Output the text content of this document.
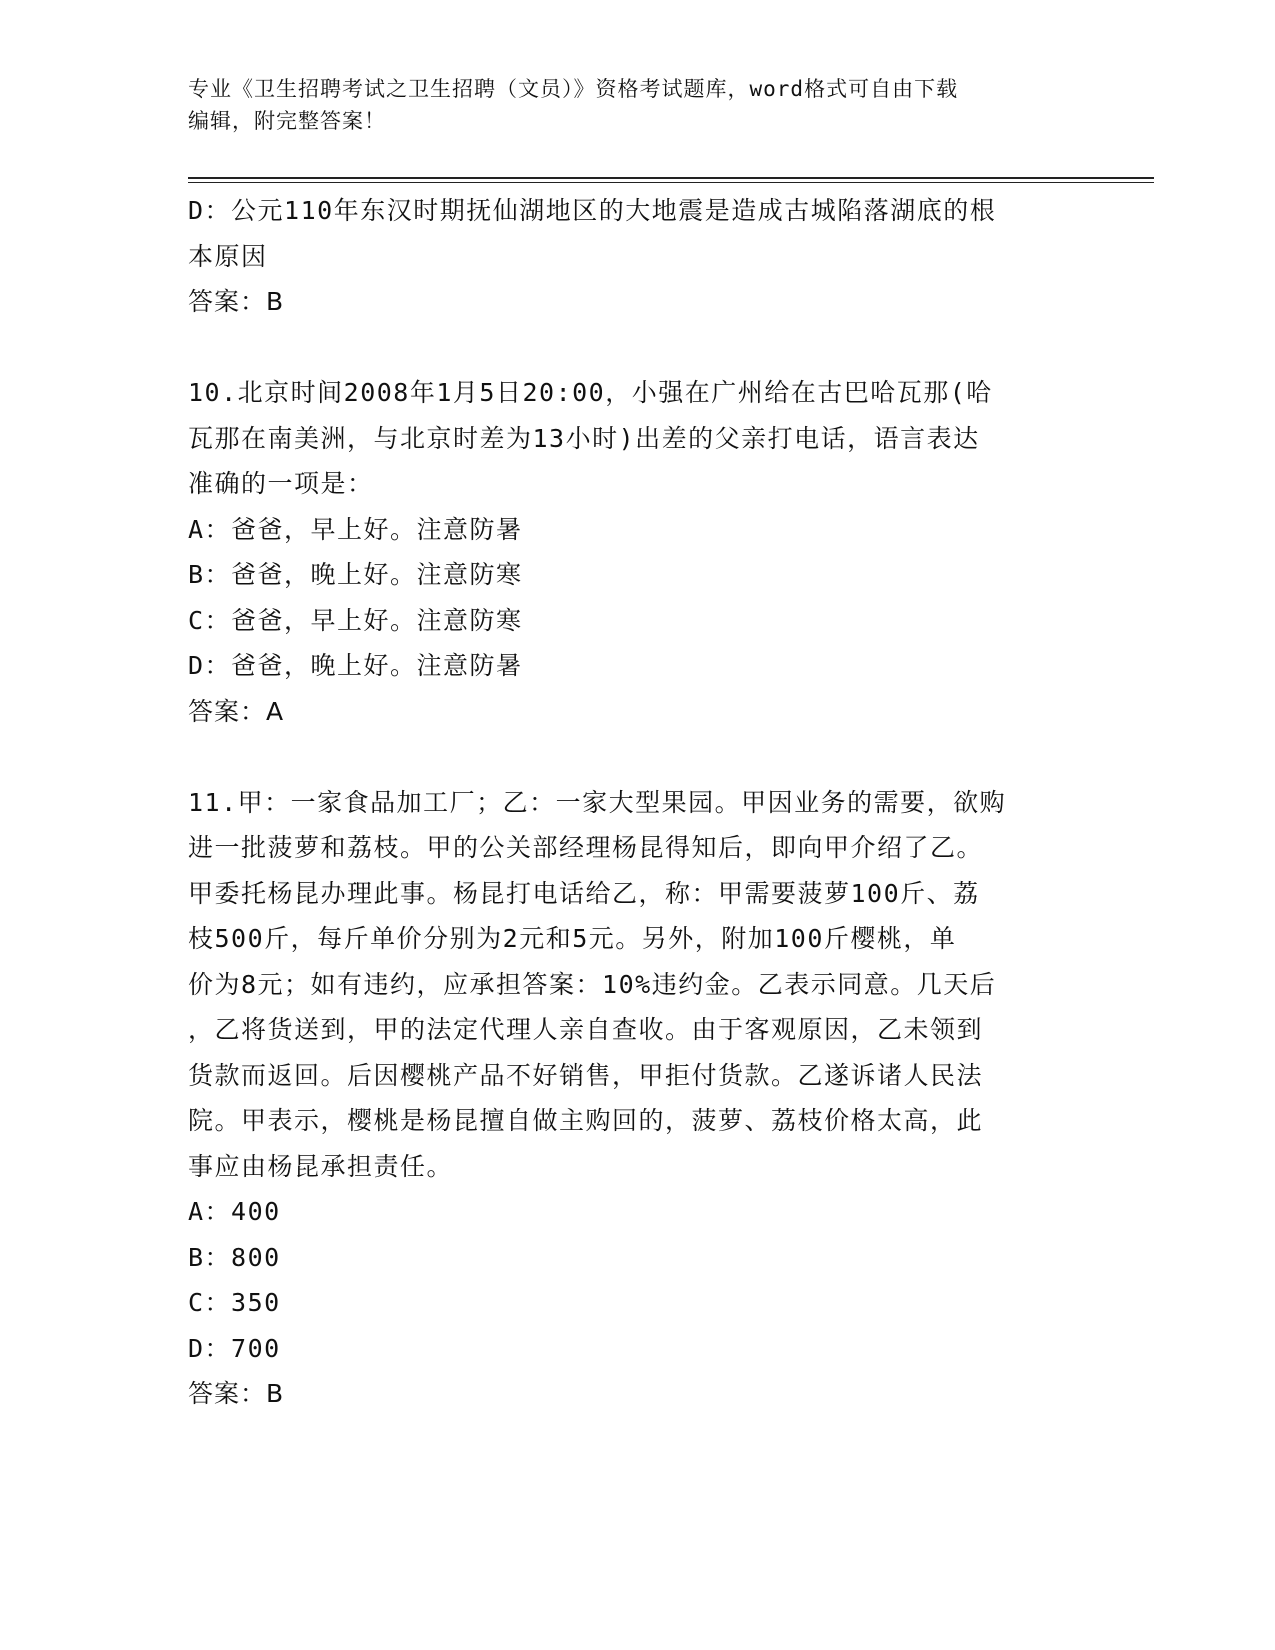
专业《卫生招聘考试之卫生招聘（文员）》资格考试题库，word格式可自由下载
编辑，附完整答案！
D：公元110年东汉时期抚仙湖地区的大地震是造成古城陷落湖底的根
本原因
答案：B
10.北京时间2008年1月5日20:00，小强在广州给在古巴哈瓦那(哈
瓦那在南美洲，与北京时差为13小时)出差的父亲打电话，语言表达
准确的一项是：
A：爸爸，早上好。注意防暑
B：爸爸，晚上好。注意防寒
C：爸爸，早上好。注意防寒
D：爸爸，晚上好。注意防暑
答案：A
11.甲：一家食品加工厂；乙：一家大型果园。甲因业务的需要，欲购
进一批菠萝和荔枝。甲的公关部经理杨昆得知后，即向甲介绍了乙。
甲委托杨昆办理此事。杨昆打电话给乙，称：甲需要菠萝100斤、荔
枝500斤，每斤单价分别为2元和5元。另外，附加100斤樱桃，单
价为8元；如有违约，应承担答案：10%违约金。乙表示同意。几天后
，乙将货送到，甲的法定代理人亲自查收。由于客观原因，乙未领到
货款而返回。后因樱桃产品不好销售，甲拒付货款。乙遂诉诸人民法
院。甲表示，樱桃是杨昆擅自做主购回的，菠萝、荔枝价格太高，此
事应由杨昆承担责任。
A：400
B：800
C：350
D：700
答案：B
